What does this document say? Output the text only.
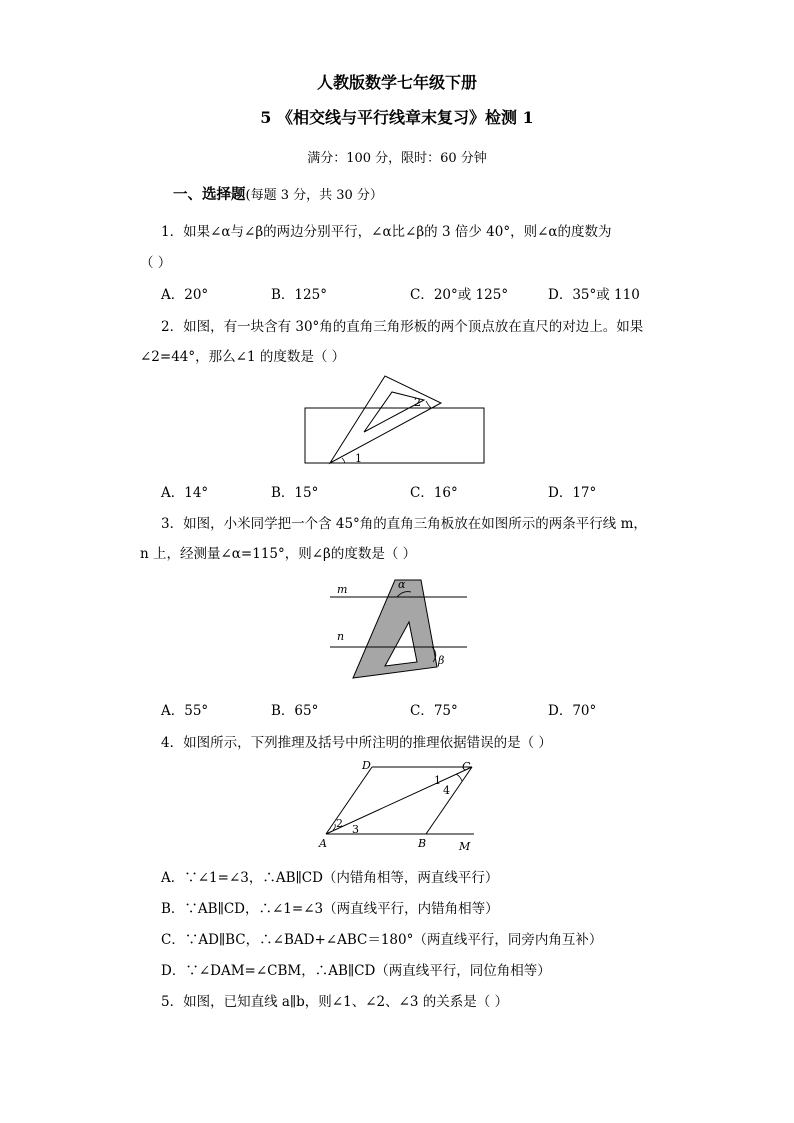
人教版数学七年级下册
5 《相交线与平行线章末复习》检测 1
满分：100 分，限时：60 分钟
一、选择题(每题 3 分，共 30 分）
1．如果∠α与∠β的两边分别平行，∠α比∠β的 3 倍少 40°，则∠α的度数为
（ ）
A．20°	B．125°	C．20°或 125°	D．35°或 110
2．如图，有一块含有 30°角的直角三角形板的两个顶点放在直尺的对边上。如果
∠2=44°，那么∠1 的度数是（ ）
2
1
A．14°	B．15°	C．16°	D．17°
3．如图，小米同学把一个含 45°角的直角三角板放在如图所示的两条平行线 m，
n 上，经测量∠α=115°，则∠β的度数是（ ）
m
n
α
β
A．55°	B．65°	C．75°	D．70°
4．如图所示，下列推理及括号中所注明的推理依据错误的是（ ）
D	C
1
4
2 3
A	B	M
A．∵∠1=∠3，∴AB∥CD（内错角相等，两直线平行）
B．∵AB∥CD，∴∠1=∠3（两直线平行，内错角相等）
C．∵AD∥BC，∴∠BAD+∠ABC＝180°（两直线平行，同旁内角互补）
D．∵∠DAM=∠CBM，∴AB∥CD（两直线平行，同位角相等）
5．如图，已知直线 a∥b，则∠1、∠2、∠3 的关系是（ ）
